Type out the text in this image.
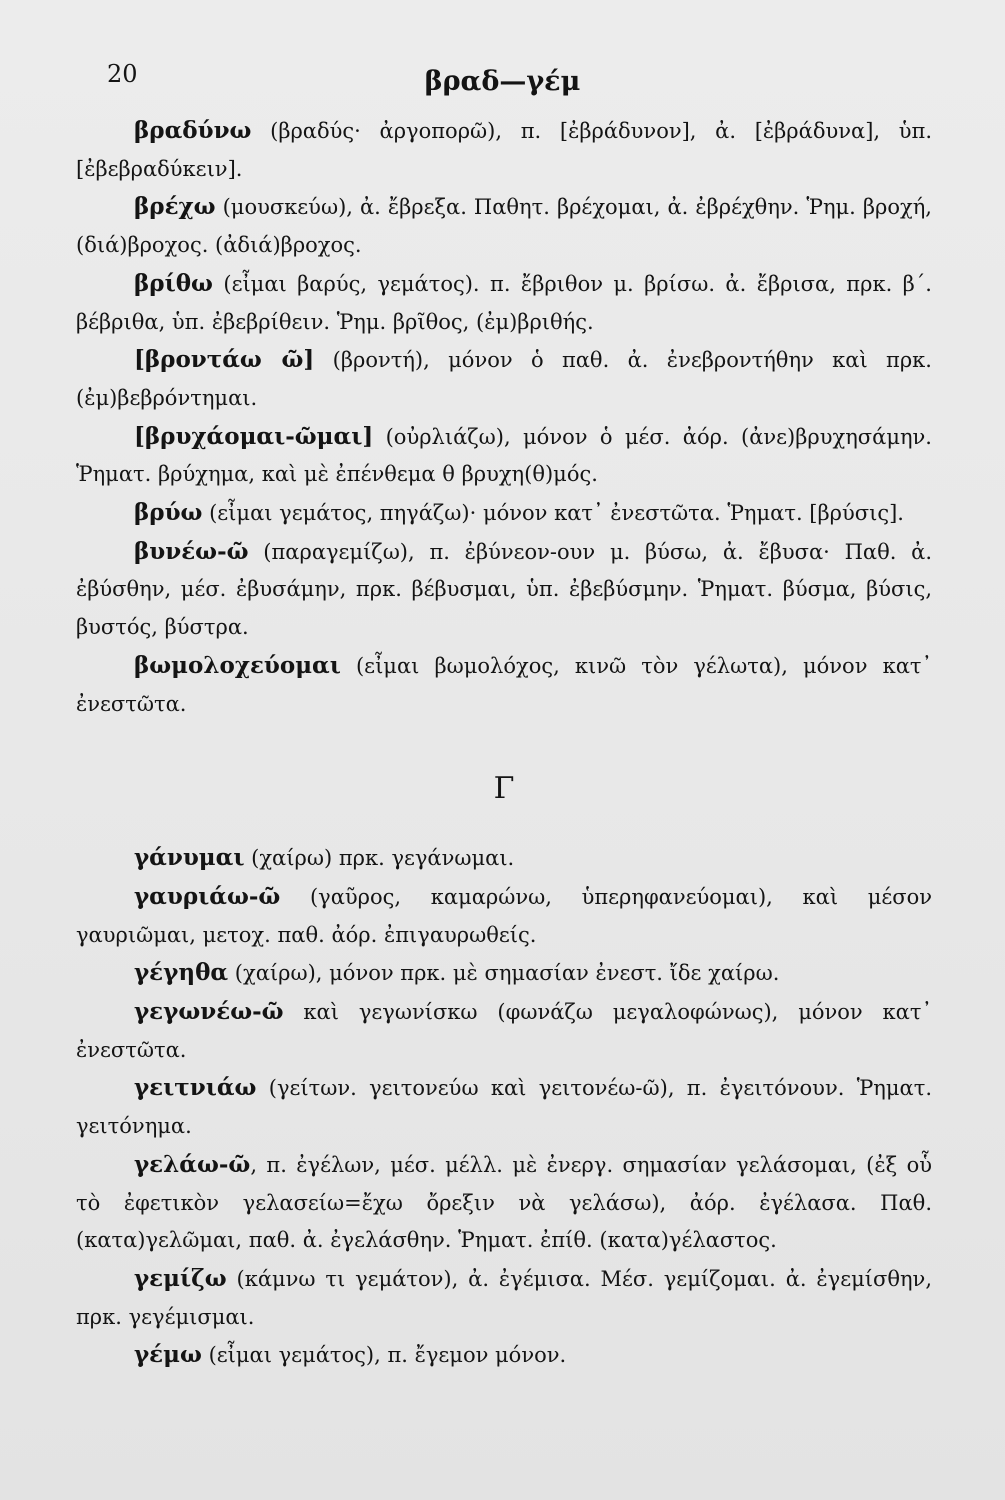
20	βραδ—γέμ

βραδύνω (βραδύς· ἀργοπορῶ), π. [ἐβράδυνον], ἀ. [ἐβράδυνα], ὑπ. [ἐβεβραδύκειν].

βρέχω (μουσκεύω), ἀ. ἔβρεξα. Παθητ. βρέχομαι, ἀ. ἐβρέχθην. Ῥημ. βροχή, (διά)βροχος. (ἀδιά)βροχος.

βρίθω (εἶμαι βαρύς, γεμάτος). π. ἔβριθον μ. βρίσω. ἀ. ἔβρισα, πρκ. β΄. βέβριθα, ὑπ. ἐβεβρίθειν. Ῥημ. βρῖθος, (ἐμ)βριθής.

[βροντάω ῶ] (βροντή), μόνον ὁ παθ. ἀ. ἐνεβροντήθην καὶ πρκ. (ἐμ)βεβρόντημαι.

[βρυχάομαι-ῶμαι] (οὐρλιάζω), μόνον ὁ μέσ. ἀόρ. (ἀνε)βρυχησάμην. Ῥηματ. βρύχημα, καὶ μὲ ἐπένθεμα θ βρυχη(θ)μός.

βρύω (εἶμαι γεμάτος, πηγάζω)· μόνον κατ᾽ ἐνεστῶτα. Ῥηματ. [βρύσις].

βυνέω-ῶ (παραγεμίζω), π. ἐβύνεον-ουν μ. βύσω, ἀ. ἔβυσα· Παθ. ἀ. ἐβύσθην, μέσ. ἐβυσάμην, πρκ. βέβυσμαι, ὑπ. ἐβεβύσμην. Ῥηματ. βύσμα, βύσις, βυστός, βύστρα.

βωμολοχεύομαι (εἶμαι βωμολόχος, κινῶ τὸν γέλωτα), μόνον κατ᾽ ἐνεστῶτα.

Γ

γάνυμαι (χαίρω) πρκ. γεγάνωμαι.

γαυριάω-ῶ (γαῦρος, καμαρώνω, ὑπερηφανεύομαι), καὶ μέσον γαυριῶμαι, μετοχ. παθ. ἀόρ. ἐπιγαυρωθείς.

γέγηθα (χαίρω), μόνον πρκ. μὲ σημασίαν ἐνεστ. ἴδε χαίρω.

γεγωνέω-ῶ καὶ γεγωνίσκω (φωνάζω μεγαλοφώνως), μόνον κατ᾽ ἐνεστῶτα.

γειτνιάω (γείτων. γειτονεύω καὶ γειτονέω-ῶ), π. ἐγειτόνουν. Ῥηματ. γειτόνημα.

γελάω-ῶ, π. ἐγέλων, μέσ. μέλλ. μὲ ἐνεργ. σημασίαν γελάσομαι, (ἐξ οὗ τὸ ἐφετικὸν γελασείω=ἔχω ὄρεξιν νὰ γελάσω), ἀόρ. ἐγέλασα. Παθ. (κατα)γελῶμαι, παθ. ἀ. ἐγελάσθην. Ῥηματ. ἐπίθ. (κατα)γέλαστος.

γεμίζω (κάμνω τι γεμάτον), ἀ. ἐγέμισα. Μέσ. γεμίζομαι. ἀ. ἐγεμίσθην, πρκ. γεγέμισμαι.

γέμω (εἶμαι γεμάτος), π. ἔγεμον μόνον.
